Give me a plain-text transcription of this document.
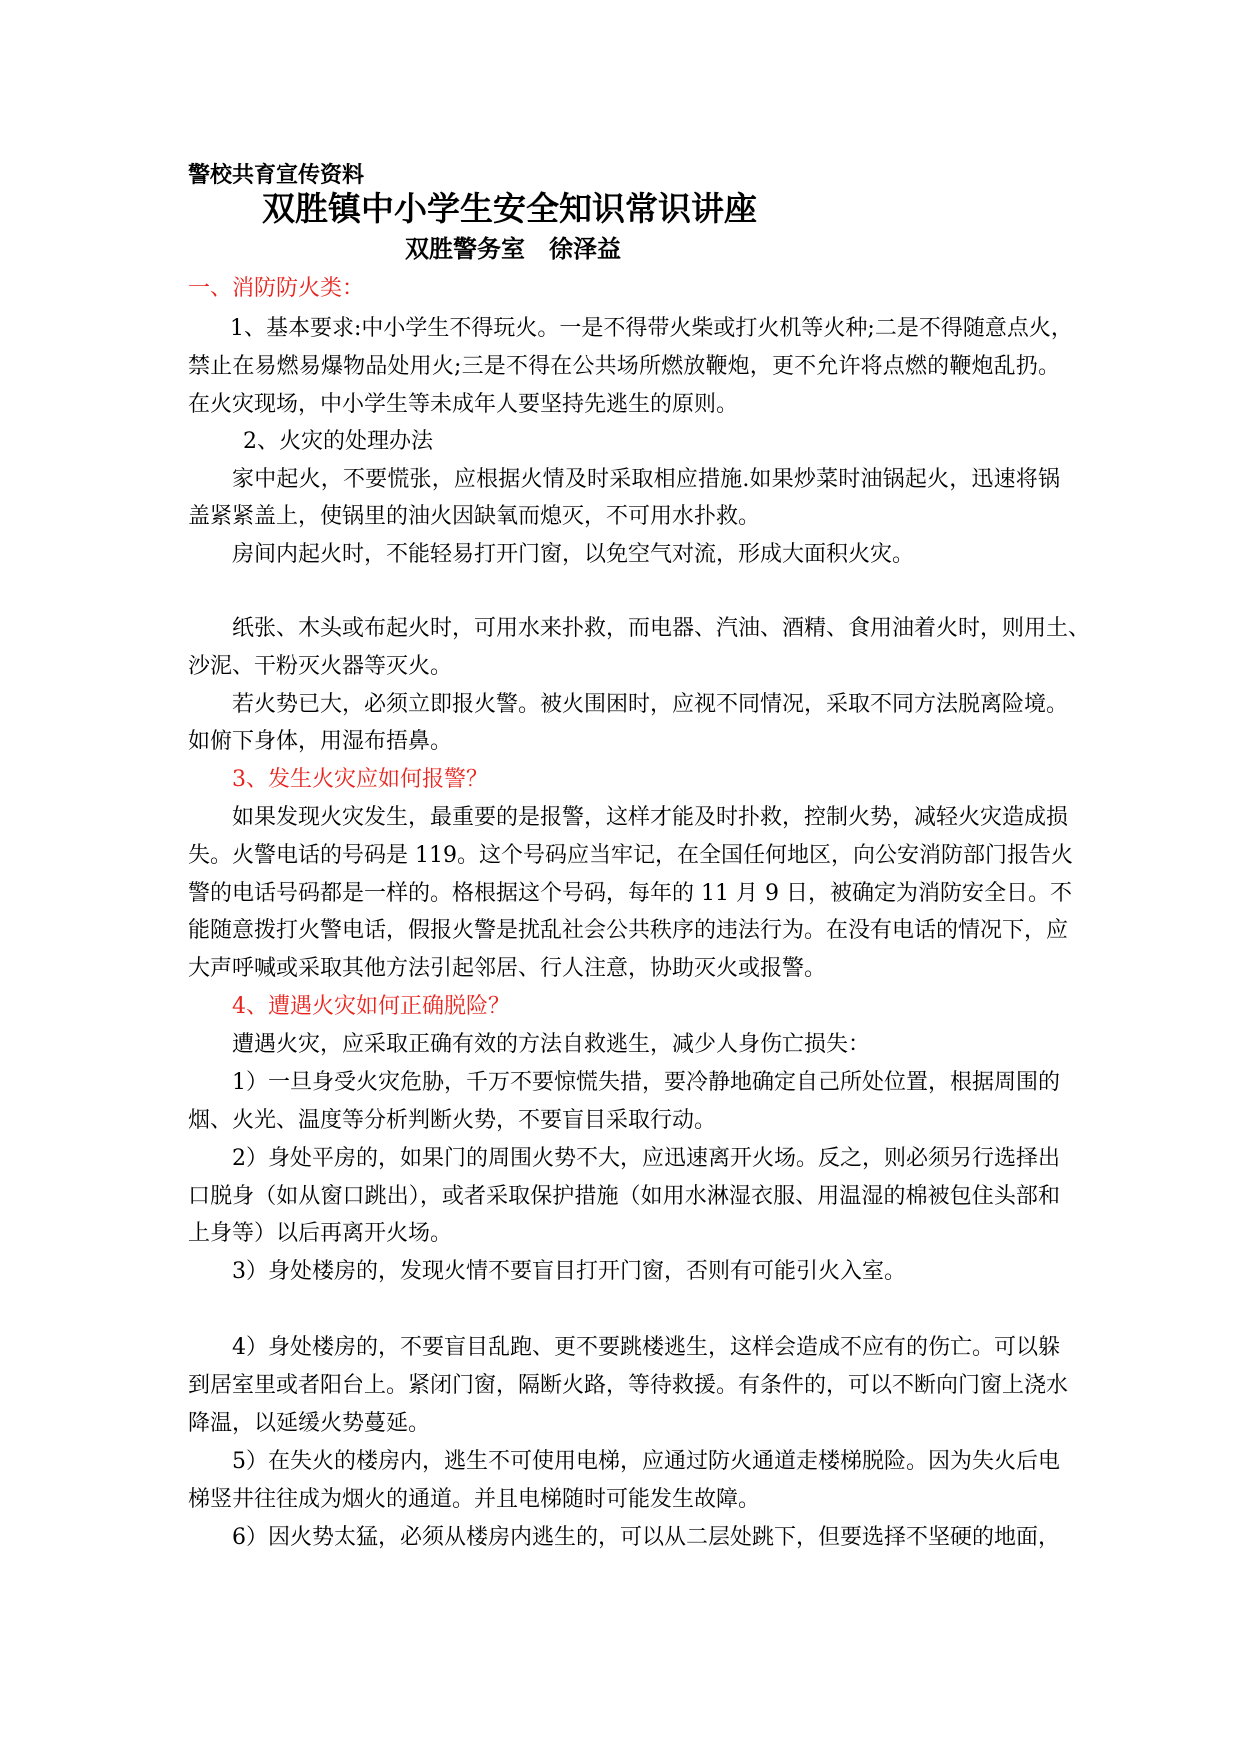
警校共育宣传资料
双胜镇中小学生安全知识常识讲座
双胜警务室　徐泽益
一、消防防火类：
1、基本要求:中小学生不得玩火。一是不得带火柴或打火机等火种;二是不得随意点火，
禁止在易燃易爆物品处用火;三是不得在公共场所燃放鞭炮，更不允许将点燃的鞭炮乱扔。
在火灾现场，中小学生等未成年人要坚持先逃生的原则。
2、火灾的处理办法
家中起火，不要慌张，应根据火情及时采取相应措施.如果炒菜时油锅起火，迅速将锅
盖紧紧盖上，使锅里的油火因缺氧而熄灭，不可用水扑救。
房间内起火时，不能轻易打开门窗，以免空气对流，形成大面积火灾。
纸张、木头或布起火时，可用水来扑救，而电器、汽油、酒精、食用油着火时，则用土、
沙泥、干粉灭火器等灭火。
若火势已大，必须立即报火警。被火围困时，应视不同情况，采取不同方法脱离险境。
如俯下身体，用湿布捂鼻。
3、发生火灾应如何报警？
如果发现火灾发生，最重要的是报警，这样才能及时扑救，控制火势，减轻火灾造成损
失。火警电话的号码是 119。这个号码应当牢记，在全国任何地区，向公安消防部门报告火
警的电话号码都是一样的。格根据这个号码，每年的 11 月 9 日，被确定为消防安全日。不
能随意拨打火警电话，假报火警是扰乱社会公共秩序的违法行为。在没有电话的情况下，应
大声呼喊或采取其他方法引起邻居、行人注意，协助灭火或报警。
4、遭遇火灾如何正确脱险？
遭遇火灾，应采取正确有效的方法自救逃生，减少人身伤亡损失：
1）一旦身受火灾危胁，千万不要惊慌失措，要冷静地确定自己所处位置，根据周围的
烟、火光、温度等分析判断火势，不要盲目采取行动。
2）身处平房的，如果门的周围火势不大，应迅速离开火场。反之，则必须另行选择出
口脱身（如从窗口跳出），或者采取保护措施（如用水淋湿衣服、用温湿的棉被包住头部和
上身等）以后再离开火场。
3）身处楼房的，发现火情不要盲目打开门窗，否则有可能引火入室。
4）身处楼房的，不要盲目乱跑、更不要跳楼逃生，这样会造成不应有的伤亡。可以躲
到居室里或者阳台上。紧闭门窗，隔断火路，等待救援。有条件的，可以不断向门窗上浇水
降温，以延缓火势蔓延。
5）在失火的楼房内，逃生不可使用电梯，应通过防火通道走楼梯脱险。因为失火后电
梯竖井往往成为烟火的通道。并且电梯随时可能发生故障。
6）因火势太猛，必须从楼房内逃生的，可以从二层处跳下，但要选择不坚硬的地面，
